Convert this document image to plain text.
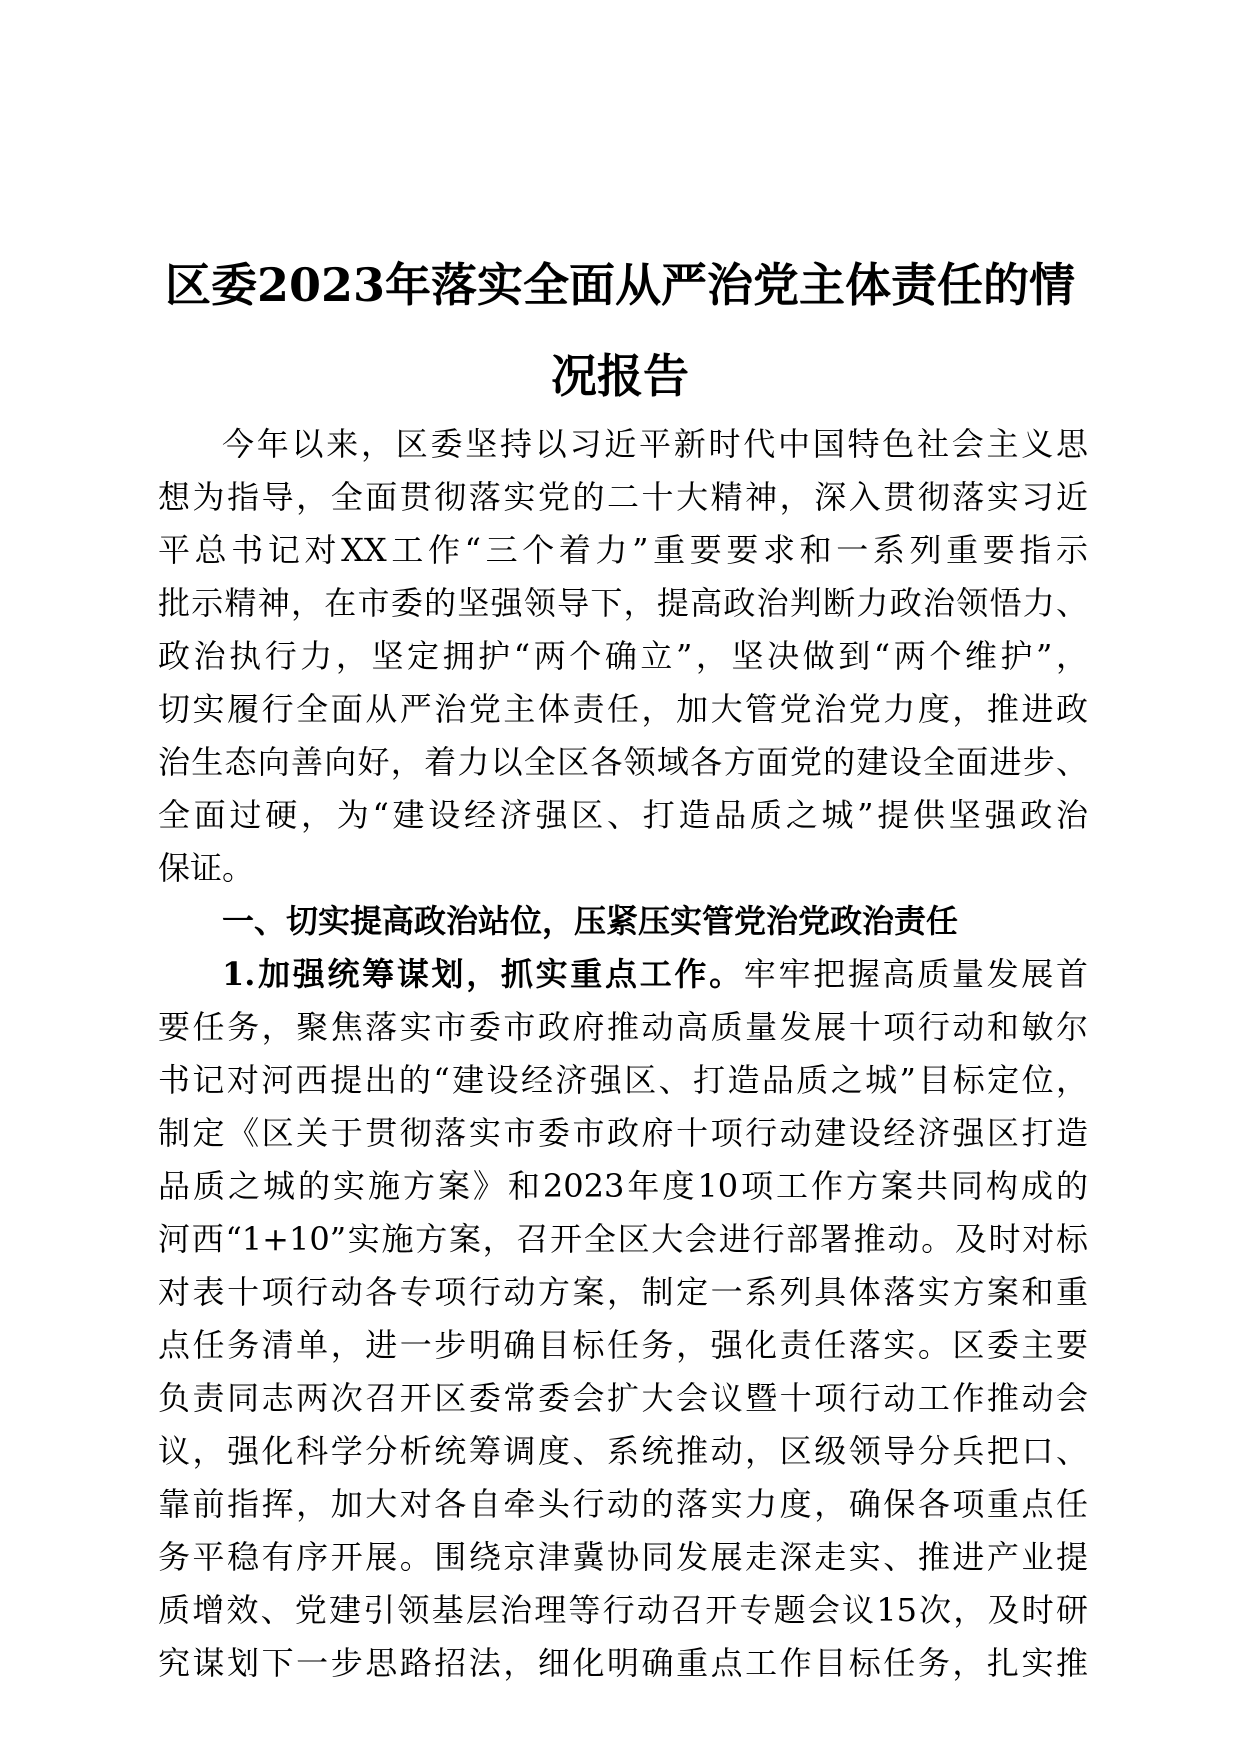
区委2023年落实全面从严治党主体责任的情
况报告
今年以来，区委坚持以习近平新时代中国特色社会主义思
想为指导，全面贯彻落实党的二十大精神，深入贯彻落实习近
平总书记对XX工作“三个着力”重要要求和一系列重要指示
批示精神，在市委的坚强领导下，提高政治判断力政治领悟力、
政治执行力，坚定拥护“两个确立”，坚决做到“两个维护”，
切实履行全面从严治党主体责任，加大管党治党力度，推进政
治生态向善向好，着力以全区各领域各方面党的建设全面进步、
全面过硬，为“建设经济强区、打造品质之城”提供坚强政治
保证。
一、切实提高政治站位，压紧压实管党治党政治责任
1.加强统筹谋划，抓实重点工作。牢牢把握高质量发展首
要任务，聚焦落实市委市政府推动高质量发展十项行动和敏尔
书记对河西提出的“建设经济强区、打造品质之城”目标定位，
制定《区关于贯彻落实市委市政府十项行动建设经济强区打造
品质之城的实施方案》和2023年度10项工作方案共同构成的
河西“1+10”实施方案，召开全区大会进行部署推动。及时对标
对表十项行动各专项行动方案，制定一系列具体落实方案和重
点任务清单，进一步明确目标任务，强化责任落实。区委主要
负责同志两次召开区委常委会扩大会议暨十项行动工作推动会
议，强化科学分析统筹调度、系统推动，区级领导分兵把口、
靠前指挥，加大对各自牵头行动的落实力度，确保各项重点任
务平稳有序开展。围绕京津冀协同发展走深走实、推进产业提
质增效、党建引领基层治理等行动召开专题会议15次，及时研
究谋划下一步思路招法，细化明确重点工作目标任务，扎实推
